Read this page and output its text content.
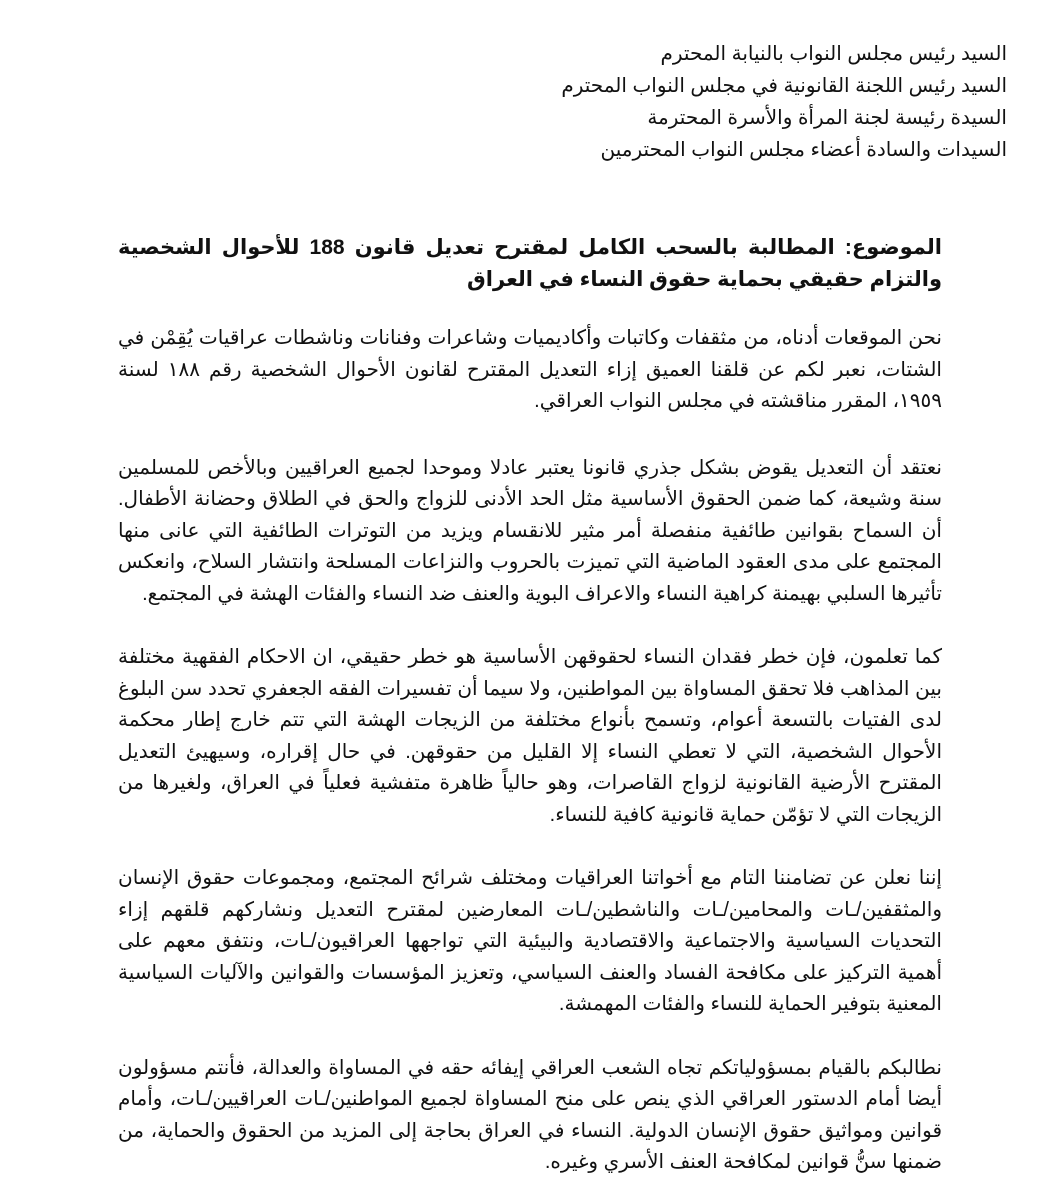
السيد رئيس مجلس النواب بالنيابة المحترم
السيد رئيس اللجنة القانونية في مجلس النواب المحترم
السيدة رئيسة لجنة المرأة والأسرة المحترمة
السيدات والسادة أعضاء مجلس النواب المحترمين
الموضوع: المطالبة بالسحب الكامل لمقترح تعديل قانون 188 للأحوال الشخصية والتزام حقيقي بحماية حقوق النساء في العراق
نحن الموقعات أدناه، من مثقفات وكاتبات وأكاديميات وشاعرات وفنانات وناشطات عراقيات يُقِمْن في الشتات، نعبر لكم عن قلقنا العميق إزاء التعديل المقترح لقانون الأحوال الشخصية رقم ١٨٨ لسنة ١٩٥٩، المقرر مناقشته في مجلس النواب العراقي.
نعتقد أن التعديل يقوض بشكل جذري قانونا يعتبر عادلا وموحدا لجميع العراقيين وبالأخص للمسلمين سنة وشيعة، كما ضمن الحقوق الأساسية مثل الحد الأدنى للزواج والحق في الطلاق وحضانة الأطفال. أن السماح بقوانين طائفية منفصلة أمر مثير للانقسام ويزيد من التوترات الطائفية التي عانى منها المجتمع على مدى العقود الماضية التي تميزت بالحروب والنزاعات المسلحة وانتشار السلاح، وانعكس تأثيرها السلبي بهيمنة كراهية النساء والاعراف البوية والعنف ضد النساء والفئات الهشة في المجتمع.
كما تعلمون، فإن خطر فقدان النساء لحقوقهن الأساسية هو خطر حقيقي، ان الاحكام الفقهية مختلفة بين المذاهب فلا تحقق المساواة بين المواطنين، ولا سيما أن تفسيرات الفقه الجعفري تحدد سن البلوغ لدى الفتيات بالتسعة أعوام، وتسمح بأنواع مختلفة من الزيجات الهشة التي تتم خارج إطار محكمة الأحوال الشخصية، التي لا تعطي النساء إلا القليل من حقوقهن. في حال إقراره، وسيهيئ التعديل المقترح الأرضية القانونية لزواج القاصرات، وهو حالياً ظاهرة متفشية فعلياً في العراق، ولغيرها من الزيجات التي لا تؤمّن حماية قانونية كافية للنساء.
إننا نعلن عن تضامننا التام مع أخواتنا العراقيات ومختلف شرائح المجتمع، ومجموعات حقوق الإنسان والمثقفين/ـات والمحامين/ـات والناشطين/ـات المعارضين لمقترح التعديل ونشاركهم قلقهم إزاء التحديات السياسية والاجتماعية والاقتصادية والبيئية التي تواجهها العراقيون/ـات، ونتفق معهم على أهمية التركيز على مكافحة الفساد والعنف السياسي، وتعزيز المؤسسات والقوانين والآليات السياسية المعنية بتوفير الحماية للنساء والفئات المهمشة.
نطالبكم بالقيام بمسؤولياتكم تجاه الشعب العراقي إيفائه حقه في المساواة والعدالة، فأنتم مسؤولون أيضا أمام الدستور العراقي الذي ينص على منح المساواة لجميع المواطنين/ـات العراقيين/ـات، وأمام قوانين ومواثيق حقوق الإنسان الدولية. النساء في العراق بحاجة إلى المزيد من الحقوق والحماية، من ضمنها سنُّ قوانين لمكافحة العنف الأسري وغيره.
